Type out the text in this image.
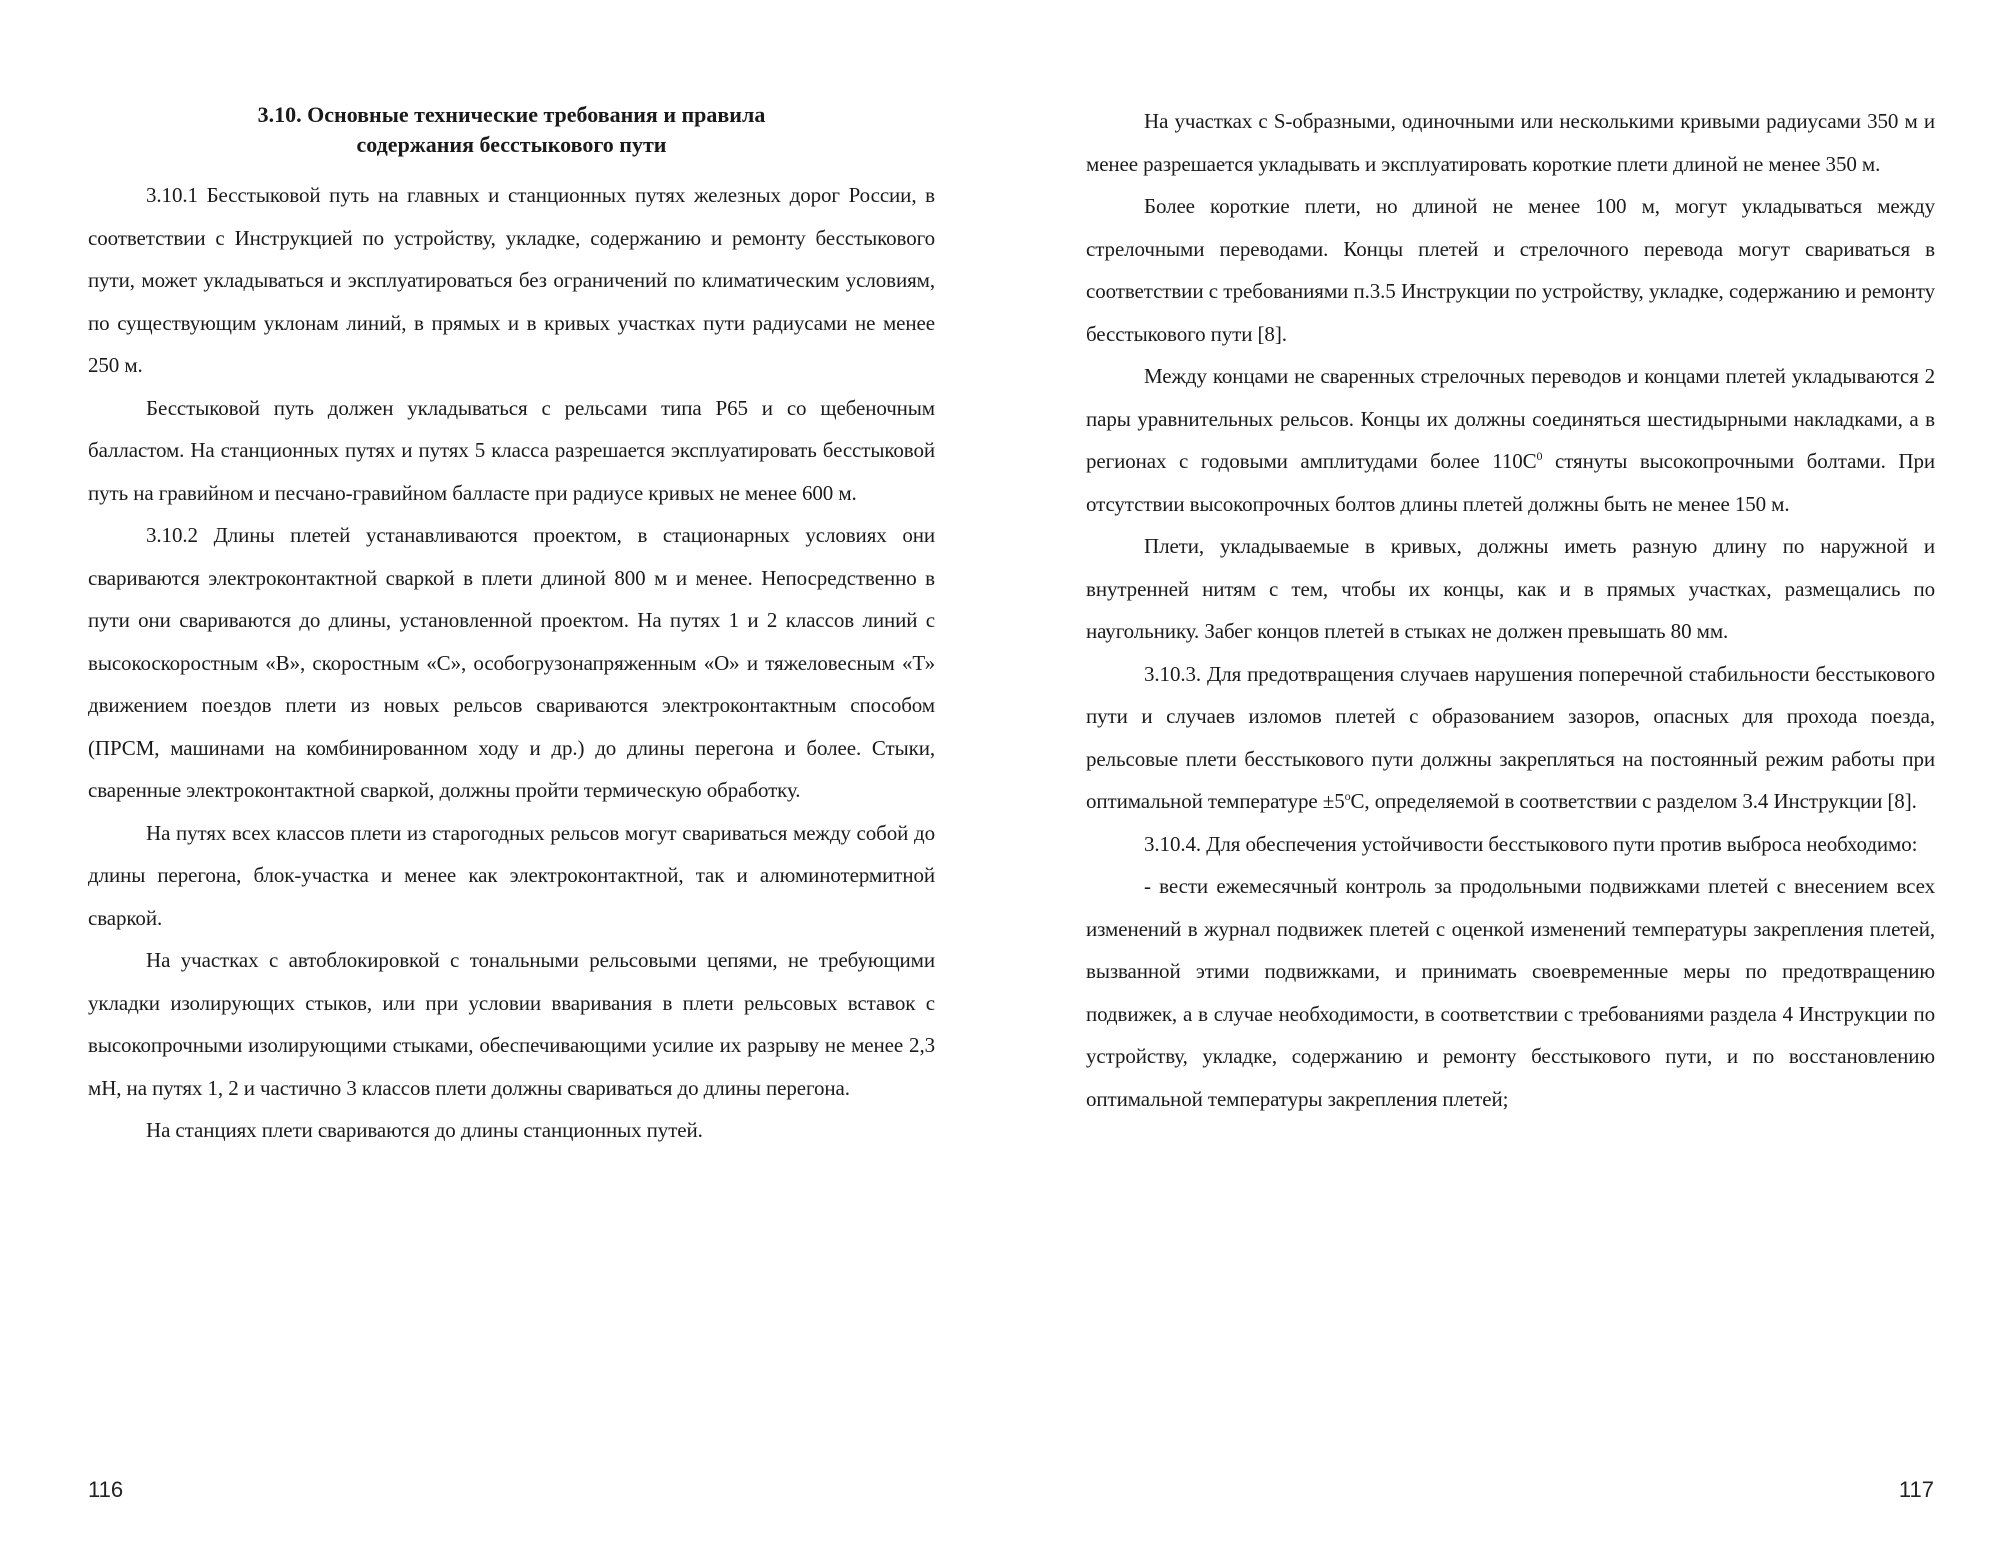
3.10. Основные технические требования и правила
содержания бесстыкового пути

3.10.1 Бесстыковой путь на главных и станционных путях железных дорог России, в соответствии с Инструкцией по устройству, укладке, содержанию и ремонту бесстыкового пути, может укладываться и эксплуатироваться без ограничений по климатическим условиям, по существующим уклонам линий, в прямых и в кривых участках пути радиусами не менее 250 м.

Бесстыковой путь должен укладываться с рельсами типа Р65 и со щебеночным балластом. На станционных путях и путях 5 класса разрешается эксплуатировать бесстыковой путь на гравийном и песчано-гравийном балласте при радиусе кривых не менее 600 м.

3.10.2 Длины плетей устанавливаются проектом, в стационарных условиях они свариваются электроконтактной сваркой в плети длиной 800 м и менее. Непосредственно в пути они свариваются до длины, установленной проектом. На путях 1 и 2 классов линий с высокоскоростным «В», скоростным «С», особогрузонапряженным «О» и тяжеловесным «Т» движением поездов плети из новых рельсов свариваются электроконтактным способом (ПРСМ, машинами на комбинированном ходу и др.) до длины перегона и более. Стыки, сваренные электроконтактной сваркой, должны пройти термическую обработку.

На путях всех классов плети из старогодных рельсов могут свариваться между собой до длины перегона, блок-участка и менее как электроконтактной, так и алюминотермитной сваркой.

На участках с автоблокировкой с тональными рельсовыми цепями, не требующими укладки изолирующих стыков, или при условии вваривания в плети рельсовых вставок с высокопрочными изолирующими стыками, обеспечивающими усилие их разрыву не менее 2,3 мН, на путях 1, 2 и частично 3 классов плети должны свариваться до длины перегона.

На станциях плети свариваются до длины станционных путей.

116

На участках с S-образными, одиночными или несколькими кривыми радиусами 350 м и менее разрешается укладывать и эксплуатировать короткие плети длиной не менее 350 м.

Более короткие плети, но длиной не менее 100 м, могут укладываться между стрелочными переводами. Концы плетей и стрелочного перевода могут свариваться в соответствии с требованиями п.3.5 Инструкции по устройству, укладке, содержанию и ремонту бесстыкового пути [8].

Между концами не сваренных стрелочных переводов и концами плетей укладываются 2 пары уравнительных рельсов. Концы их должны соединяться шестидырными накладками, а в регионах с годовыми амплитудами более $110С^0$ стянуты высокопрочными болтами. При отсутствии высокопрочных болтов длины плетей должны быть не менее 150 м.

Плети, укладываемые в кривых, должны иметь разную длину по наружной и внутренней нитям с тем, чтобы их концы, как и в прямых участках, размещались по наугольнику. Забег концов плетей в стыках не должен превышать 80 мм.

3.10.3. Для предотвращения случаев нарушения поперечной стабильности бесстыкового пути и случаев изломов плетей с образованием зазоров, опасных для прохода поезда, рельсовые плети бесстыкового пути должны закрепляться на постоянный режим работы при оптимальной температуре $\pm 5^оС$, определяемой в соответствии с разделом 3.4 Инструкции [8].

3.10.4. Для обеспечения устойчивости бесстыкового пути против выброса необходимо:

- вести ежемесячный контроль за продольными подвижками плетей с внесением всех изменений в журнал подвижек плетей с оценкой изменений температуры закрепления плетей, вызванной этими подвижками, и принимать своевременные меры по предотвращению подвижек, а в случае необходимости, в соответствии с требованиями раздела 4 Инструкции по устройству, укладке, содержанию и ремонту бесстыкового пути, и по восстановлению оптимальной температуры закрепления плетей;

117
